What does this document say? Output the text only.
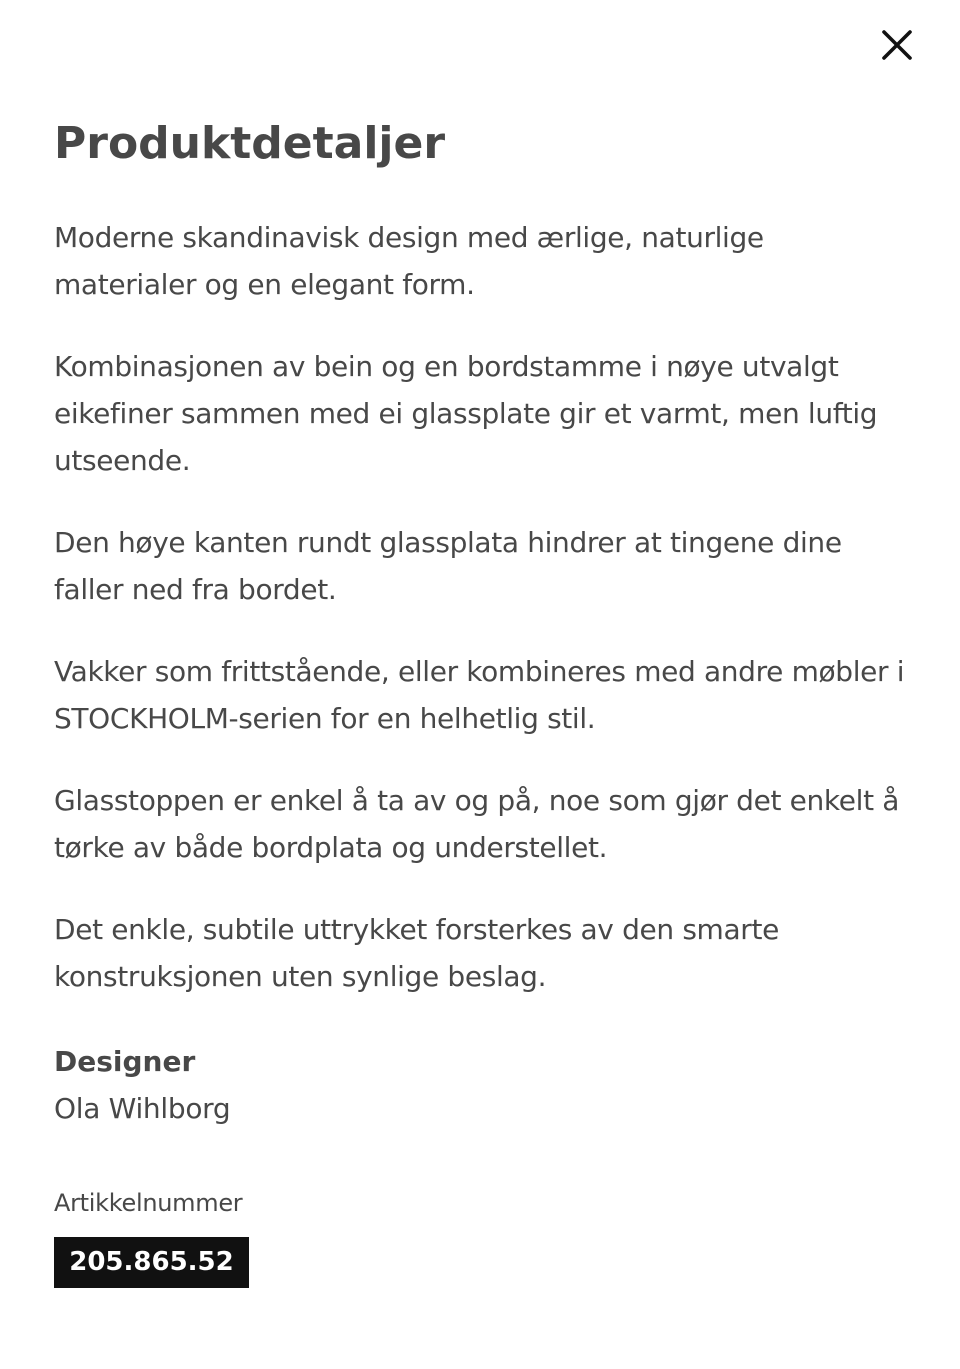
Produktdetaljer

Moderne skandinavisk design med ærlige, naturlige materialer og en elegant form.

Kombinasjonen av bein og en bordstamme i nøye utvalgt eikefiner sammen med ei glassplate gir et varmt, men luftig utseende.

Den høye kanten rundt glassplata hindrer at tingene dine faller ned fra bordet.

Vakker som frittstående, eller kombineres med andre møbler i STOCKHOLM-serien for en helhetlig stil.

Glasstoppen er enkel å ta av og på, noe som gjør det enkelt å tørke av både bordplata og understellet.

Det enkle, subtile uttrykket forsterkes av den smarte konstruksjonen uten synlige beslag.

Designer
Ola Wihlborg
Artikkelnummer
205.865.52
